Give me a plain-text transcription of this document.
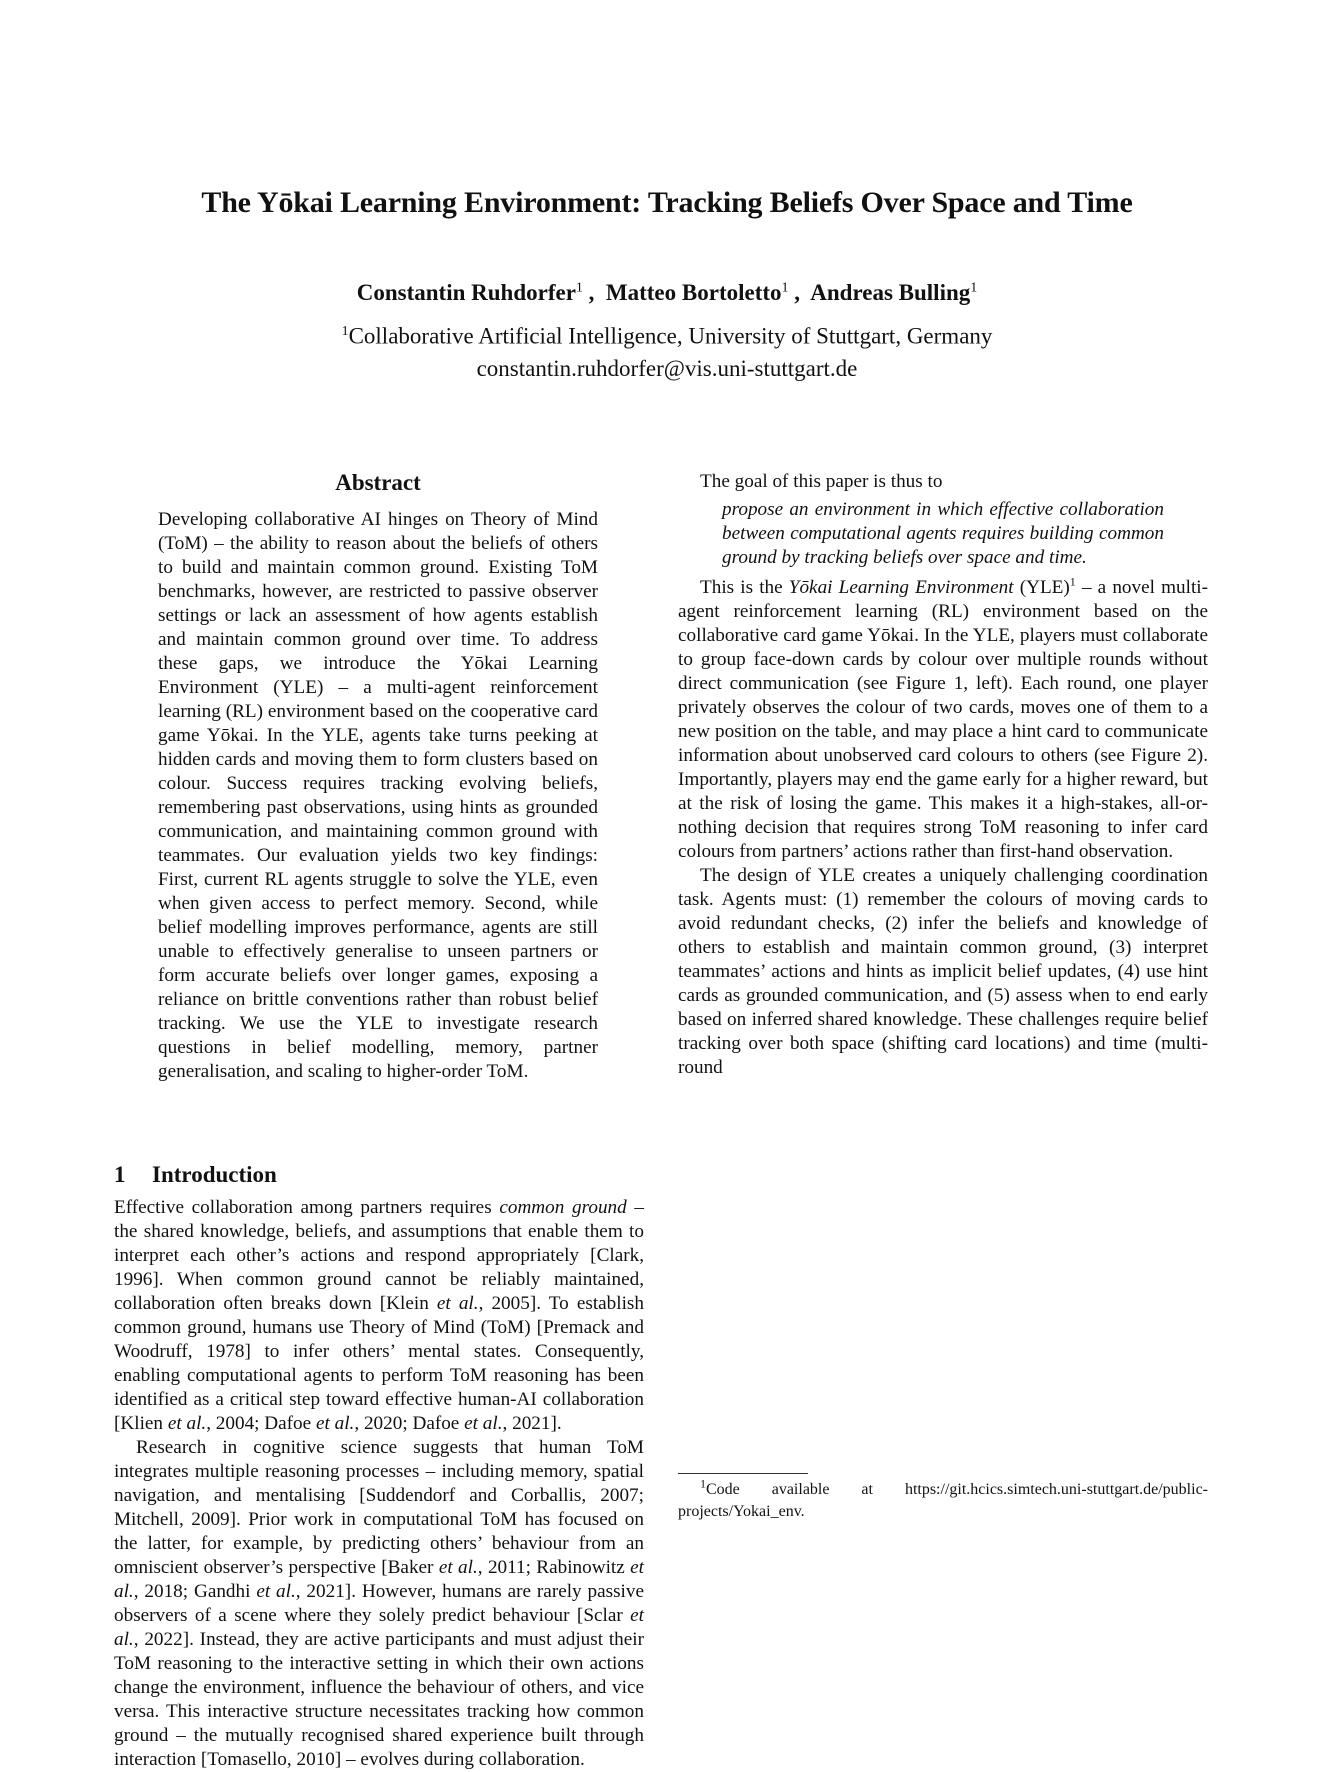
The Yōkai Learning Environment: Tracking Beliefs Over Space and Time
Constantin Ruhdorfer$^1$ ,  Matteo Bortoletto$^1$ ,  Andreas Bulling$^1$
$^1$Collaborative Artificial Intelligence, University of Stuttgart, Germany
constantin.ruhdorfer@vis.uni-stuttgart.de
Abstract
Developing collaborative AI hinges on Theory of Mind (ToM) – the ability to reason about the beliefs of others to build and maintain common ground. Existing ToM benchmarks, however, are restricted to passive observer settings or lack an assessment of how agents establish and maintain common ground over time. To address these gaps, we introduce the Yōkai Learning Environment (YLE) – a multi-agent reinforcement learning (RL) environment based on the cooperative card game Yōkai. In the YLE, agents take turns peeking at hidden cards and moving them to form clusters based on colour. Success requires tracking evolving beliefs, remembering past observations, using hints as grounded communication, and maintaining common ground with teammates. Our evaluation yields two key findings: First, current RL agents struggle to solve the YLE, even when given access to perfect memory. Second, while belief modelling improves performance, agents are still unable to effectively generalise to unseen partners or form accurate beliefs over longer games, exposing a reliance on brittle conventions rather than robust belief tracking. We use the YLE to investigate research questions in belief modelling, memory, partner generalisation, and scaling to higher-order ToM.
1 Introduction

Effective collaboration among partners requires common ground – the shared knowledge, beliefs, and assumptions that enable them to interpret each other’s actions and respond appropriately [Clark, 1996]. When common ground cannot be reliably maintained, collaboration often breaks down [Klein et al., 2005]. To establish common ground, humans use Theory of Mind (ToM) [Premack and Woodruff, 1978] to infer others’ mental states. Consequently, enabling computational agents to perform ToM reasoning has been identified as a critical step toward effective human-AI collaboration [Klien et al., 2004; Dafoe et al., 2020; Dafoe et al., 2021].

Research in cognitive science suggests that human ToM integrates multiple reasoning processes – including memory, spatial navigation, and mentalising [Suddendorf and Corballis, 2007; Mitchell, 2009]. Prior work in computational ToM has focused on the latter, for example, by predicting others’ behaviour from an omniscient observer’s perspective [Baker et al., 2011; Rabinowitz et al., 2018; Gandhi et al., 2021]. However, humans are rarely passive observers of a scene where they solely predict behaviour [Sclar et al., 2022]. Instead, they are active participants and must adjust their ToM reasoning to the interactive setting in which their own actions change the environment, influence the behaviour of others, and vice versa. This interactive structure necessitates tracking how common ground – the mutually recognised shared experience built through interaction [Tomasello, 2010] – evolves during collaboration.

The goal of this paper is thus to

propose an environment in which effective collaboration between computational agents requires building common ground by tracking beliefs over space and time.

This is the Yōkai Learning Environment (YLE)$^1$ – a novel multi-agent reinforcement learning (RL) environment based on the collaborative card game Yōkai. In the YLE, players must collaborate to group face-down cards by colour over multiple rounds without direct communication (see Figure 1, left). Each round, one player privately observes the colour of two cards, moves one of them to a new position on the table, and may place a hint card to communicate information about unobserved card colours to others (see Figure 2). Importantly, players may end the game early for a higher reward, but at the risk of losing the game. This makes it a high-stakes, all-or-nothing decision that requires strong ToM reasoning to infer card colours from partners’ actions rather than first-hand observation.

The design of YLE creates a uniquely challenging coordination task. Agents must: (1) remember the colours of moving cards to avoid redundant checks, (2) infer the beliefs and knowledge of others to establish and maintain common ground, (3) interpret teammates’ actions and hints as implicit belief updates, (4) use hint cards as grounded communication, and (5) assess when to end early based on inferred shared knowledge. These challenges require belief tracking over both space (shifting card locations) and time (multi-round

$^1$Code available at https://git.hcics.simtech.uni-stuttgart.de/public-projects/Yokai_env.
